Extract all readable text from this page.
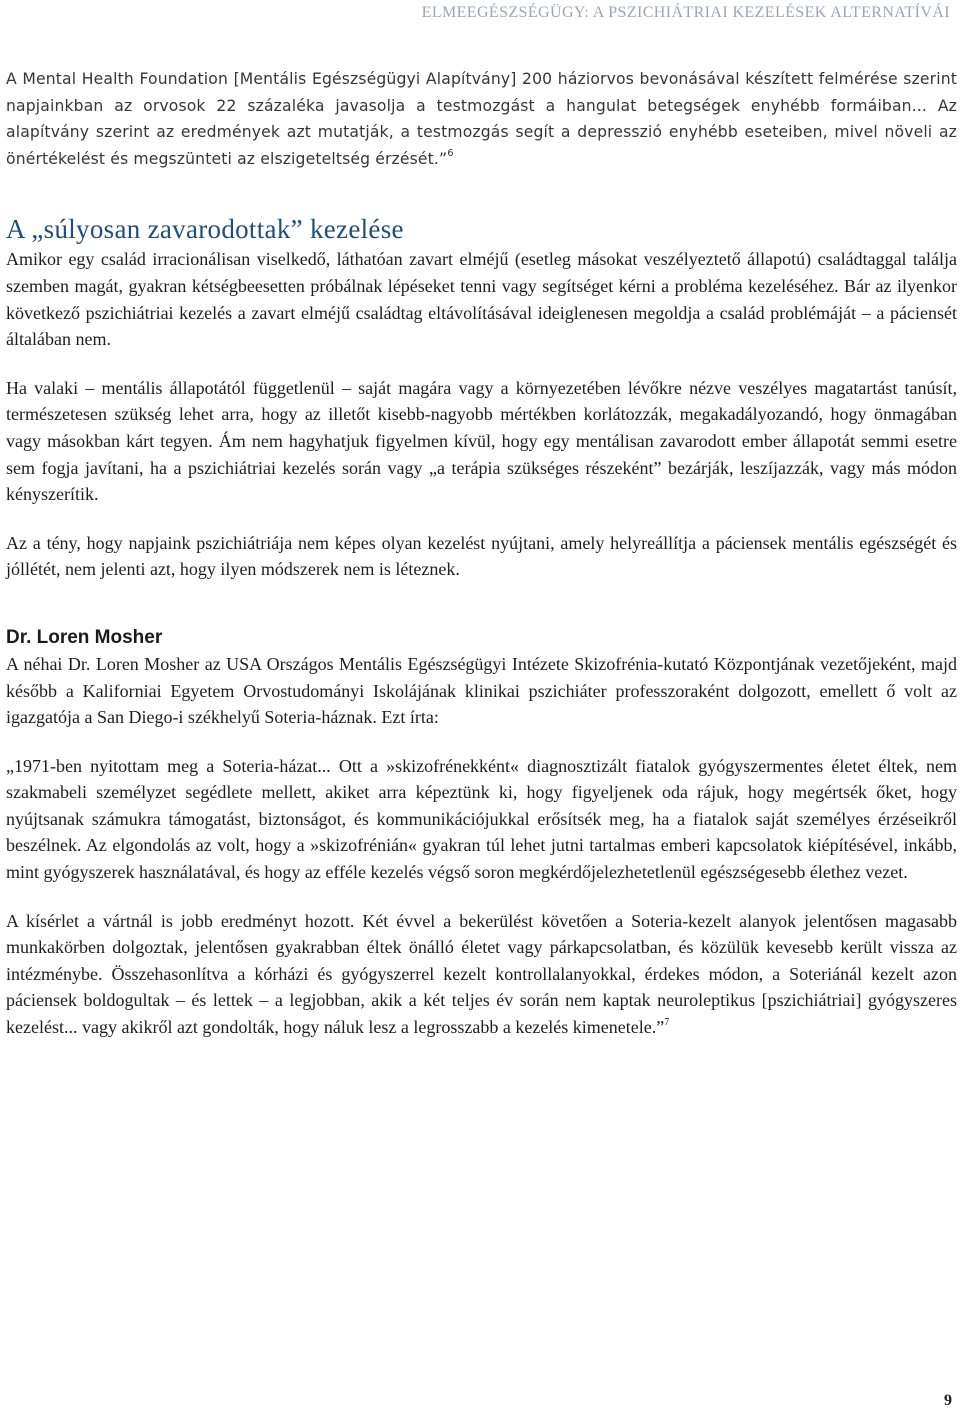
ELMEEGÉSZSÉGÜGY: A PSZICHIÁTRIAI KEZELÉSEK ALTERNATÍVÁI

A Mental Health Foundation [Mentális Egészségügyi Alapítvány] 200 háziorvos bevonásával készített felmérése szerint napjainkban az orvosok 22 százaléka javasolja a testmozgást a hangulat betegségek enyhébb formáiban... Az alapítvány szerint az eredmények azt mutatják, a testmozgás segít a depresszió enyhébb eseteiben, mivel növeli az önértékelést és megszünteti az elszigeteltség érzését.”$^6$

A „súlyosan zavarodottak” kezelése

Amikor egy család irracionálisan viselkedő, láthatóan zavart elméjű (esetleg másokat veszélyeztető állapotú) családtaggal találja szemben magát, gyakran kétségbeesetten próbálnak lépéseket tenni vagy segítséget kérni a probléma kezeléséhez. Bár az ilyenkor következő pszichiátriai kezelés a zavart elméjű családtag eltávolításával ideiglenesen megoldja a család problémáját – a páciensét általában nem.

Ha valaki – mentális állapotától függetlenül – saját magára vagy a környezetében lévőkre nézve veszélyes magatartást tanúsít, természetesen szükség lehet arra, hogy az illetőt kisebb-nagyobb mértékben korlátozzák, megakadályozandó, hogy önmagában vagy másokban kárt tegyen. Ám nem hagyhatjuk figyelmen kívül, hogy egy mentálisan zavarodott ember állapotát semmi esetre sem fogja javítani, ha a pszichiátriai kezelés során vagy „a terápia szükséges részeként” bezárják, leszíjazzák, vagy más módon kényszerítik.

Az a tény, hogy napjaink pszichiátriája nem képes olyan kezelést nyújtani, amely helyreállítja a páciensek mentális egészségét és jóllétét, nem jelenti azt, hogy ilyen módszerek nem is léteznek.

Dr. Loren Mosher

A néhai Dr. Loren Mosher az USA Országos Mentális Egészségügyi Intézete Skizofrénia-kutató Központjának vezetőjeként, majd később a Kaliforniai Egyetem Orvostudományi Iskolájának klinikai pszichiáter professzoraként dolgozott, emellett ő volt az igazgatója a San Diego-i székhelyű Soteria-háznak. Ezt írta:

„1971-ben nyitottam meg a Soteria-házat... Ott a »skizofrénekként« diagnosztizált fiatalok gyógyszermentes életet éltek, nem szakmabeli személyzet segédlete mellett, akiket arra képeztünk ki, hogy figyeljenek oda rájuk, hogy megértsék őket, hogy nyújtsanak számukra támogatást, biztonságot, és kommunikációjukkal erősítsék meg, ha a fiatalok saját személyes érzéseikről beszélnek. Az elgondolás az volt, hogy a »skizofrénián« gyakran túl lehet jutni tartalmas emberi kapcsolatok kiépítésével, inkább, mint gyógyszerek használatával, és hogy az efféle kezelés végső soron megkérdőjelezhetetlenül egészségesebb élethez vezet.

A kísérlet a vártnál is jobb eredményt hozott. Két évvel a bekerülést követően a Soteria-kezelt alanyok jelentősen magasabb munkakörben dolgoztak, jelentősen gyakrabban éltek önálló életet vagy párkapcsolatban, és közülük kevesebb került vissza az intézménybe. Összehasonlítva a kórházi és gyógyszerrel kezelt kontrollalanyokkal, érdekes módon, a Soteriánál kezelt azon páciensek boldogultak – és lettek – a legjobban, akik a két teljes év során nem kaptak neuroleptikus [pszichiátriai] gyógyszeres kezelést... vagy akikről azt gondolták, hogy náluk lesz a legrosszabb a kezelés kimenetele.”$^7$

9
